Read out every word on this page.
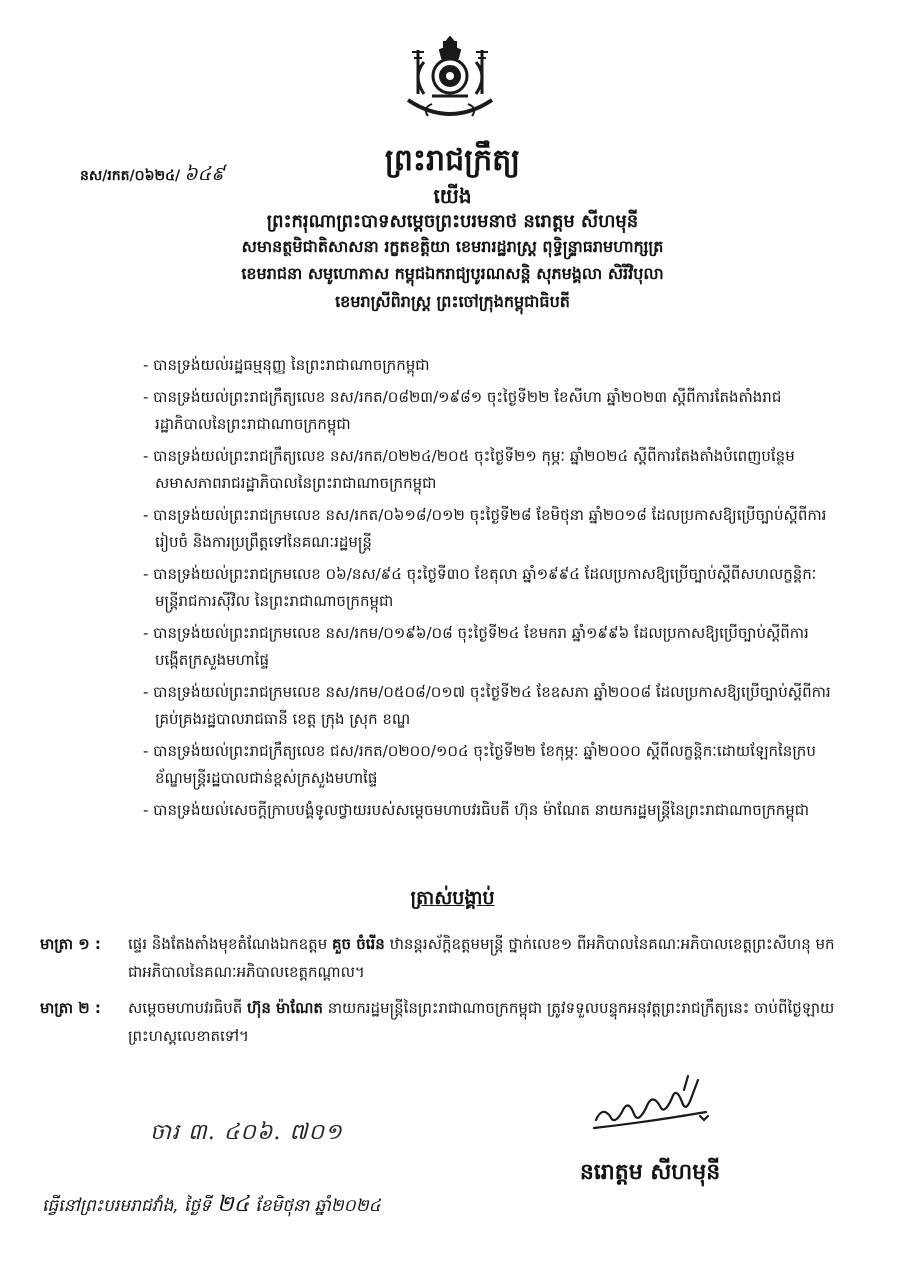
ព្រះរាជក្រឹត្យ
នស/រកត/០៦២៤/ ៦៤៩
យើង
ព្រះករុណាព្រះបាទសម្តេចព្រះបរមនាថ នរោត្តម សីហមុនី
សមានត្ថមិជាតិសាសនា រក្ខតខត្តិយា ខេមរារដ្ឋរាស្ត្រ ពុទ្ធិន្ទ្រាធរាមហាក្សត្រ
ខេមរាជនា សមូហោភាស កម្ពុជឯករាជ្យបូរណសន្តិ សុភមង្គលា សិរីវិបុលា
ខេមរាស្រីពិរាស្ត្រ ព្រះចៅក្រុងកម្ពុជាធិបតី
- បានទ្រង់យល់រដ្ឋធម្មនុញ្ញ នៃព្រះរាជាណាចក្រកម្ពុជា
- បានទ្រង់យល់ព្រះរាជក្រឹត្យលេខ នស/រកត/០៨២៣/១៩៨១ ចុះថ្ងៃទី២២ ខែសីហា ឆ្នាំ២០២៣ ស្តីពីការតែងតាំងរាជរដ្ឋាភិបាលនៃព្រះរាជាណាចក្រកម្ពុជា
- បានទ្រង់យល់ព្រះរាជក្រឹត្យលេខ នស/រកត/០២២៤/២០៥ ចុះថ្ងៃទី២១ កុម្ភៈ ឆ្នាំ២០២៤ ស្តីពីការតែងតាំងបំពេញបន្ថែមសមាសភាពរាជរដ្ឋាភិបាលនៃព្រះរាជាណាចក្រកម្ពុជា
- បានទ្រង់យល់ព្រះរាជក្រមលេខ នស/រកត/០៦១៨/០១២ ចុះថ្ងៃទី២៨ ខែមិថុនា ឆ្នាំ២០១៨ ដែលប្រកាសឱ្យប្រើច្បាប់ស្តីពីការរៀបចំ និងការប្រព្រឹត្តទៅនៃគណៈរដ្ឋមន្ត្រី
- បានទ្រង់យល់ព្រះរាជក្រមលេខ ០៦/នស/៩៤ ចុះថ្ងៃទី៣០ ខែតុលា ឆ្នាំ១៩៩៤ ដែលប្រកាសឱ្យប្រើច្បាប់ស្តីពីសហលក្ខន្តិកៈមន្ត្រីរាជការស៊ីវិល នៃព្រះរាជាណាចក្រកម្ពុជា
- បានទ្រង់យល់ព្រះរាជក្រមលេខ នស/រកម/០១៩៦/០៨ ចុះថ្ងៃទី២៤ ខែមករា ឆ្នាំ១៩៩៦ ដែលប្រកាសឱ្យប្រើច្បាប់ស្តីពីការបង្កើតក្រសួងមហាផ្ទៃ
- បានទ្រង់យល់ព្រះរាជក្រមលេខ នស/រកម/០៥០៨/០១៧ ចុះថ្ងៃទី២៤ ខែឧសភា ឆ្នាំ២០០៨ ដែលប្រកាសឱ្យប្រើច្បាប់ស្តីពីការគ្រប់គ្រងរដ្ឋបាលរាជធានី ខេត្ត ក្រុង ស្រុក ខណ្ឌ
- បានទ្រង់យល់ព្រះរាជក្រឹត្យលេខ ជស/រកត/០២០០/១០៤ ចុះថ្ងៃទី២២ ខែកុម្ភៈ ឆ្នាំ២០០០ ស្តីពីលក្ខន្តិកៈដោយឡែកនៃក្របខ័ណ្ឌមន្ត្រីរដ្ឋបាលជាន់ខ្ពស់ក្រសួងមហាផ្ទៃ
- បានទ្រង់យល់សេចក្តីក្រាបបង្គំទូលថ្វាយរបស់សម្តេចមហាបវរធិបតី ហ៊ុន ម៉ាណែត នាយករដ្ឋមន្ត្រីនៃព្រះរាជាណាចក្រកម្ពុជា
ត្រាស់បង្គាប់
មាត្រា ១ :	ផ្ទេរ និងតែងតាំងមុខតំណែងឯកឧត្តម គួច ចំរើន ឋានន្តរស័ក្តិឧត្តមមន្ត្រី ថ្នាក់លេខ១ ពីអភិបាលនៃគណៈអភិបាលខេត្តព្រះសីហនុ មកជាអភិបាលនៃគណៈអភិបាលខេត្តកណ្តាល។
មាត្រា ២ :	សម្តេចមហាបវរធិបតី ហ៊ុន ម៉ាណែត នាយករដ្ឋមន្ត្រីនៃព្រះរាជាណាចក្រកម្ពុជា ត្រូវទទួលបន្ទុកអនុវត្តព្រះរាជក្រឹត្យនេះ ចាប់ពីថ្ងៃឡាយព្រះហស្តលេខាតទៅ។
ចារ ៣. ៤០៦. ៧០១
នរោត្តម សីហមុនី
ធ្វើនៅព្រះបរមរាជវាំង, ថ្ងៃទី ២៤ ខែមិថុនា ឆ្នាំ២០២៤
